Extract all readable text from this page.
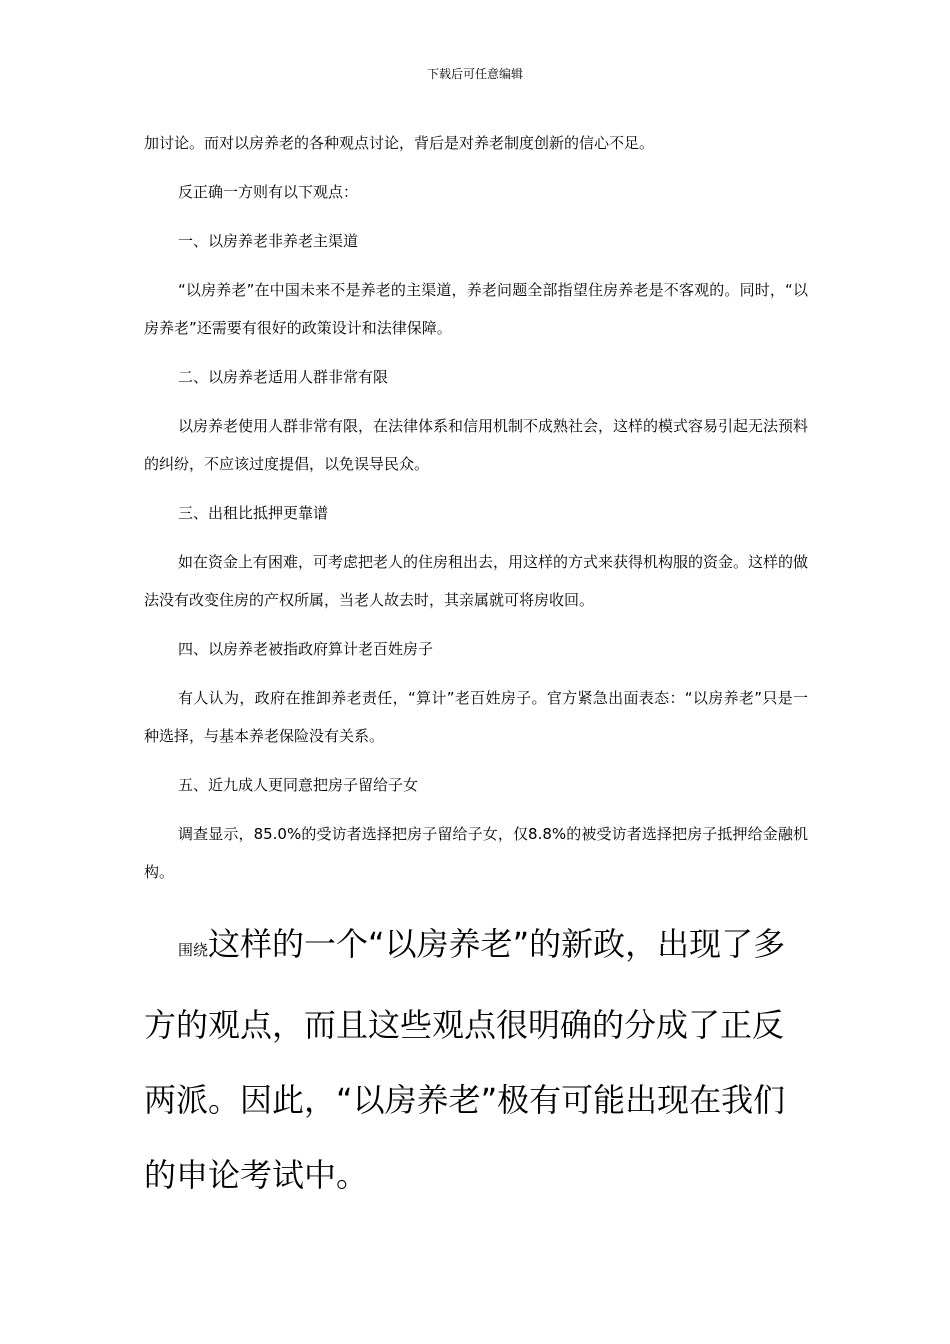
下载后可任意编辑

加讨论。而对以房养老的各种观点讨论，背后是对养老制度创新的信心不足。

反正确一方则有以下观点：

一、以房养老非养老主渠道

“以房养老”在中国未来不是养老的主渠道，养老问题全部指望住房养老是不客观的。同时，“以房养老”还需要有很好的政策设计和法律保障。

二、以房养老适用人群非常有限

以房养老使用人群非常有限，在法律体系和信用机制不成熟社会，这样的模式容易引起无法预料的纠纷，不应该过度提倡，以免误导民众。

三、出租比抵押更靠谱

如在资金上有困难，可考虑把老人的住房租出去，用这样的方式来获得机构服的资金。这样的做法没有改变住房的产权所属，当老人故去时，其亲属就可将房收回。

四、以房养老被指政府算计老百姓房子

有人认为，政府在推卸养老责任，“算计”老百姓房子。官方紧急出面表态：“以房养老”只是一种选择，与基本养老保险没有关系。

五、近九成人更同意把房子留给子女

调查显示，85.0%的受访者选择把房子留给子女，仅8.8%的被受访者选择把房子抵押给金融机构。

围绕这样的一个“以房养老”的新政，出现了多方的观点，而且这些观点很明确的分成了正反两派。因此，“以房养老”极有可能出现在我们的申论考试中。
